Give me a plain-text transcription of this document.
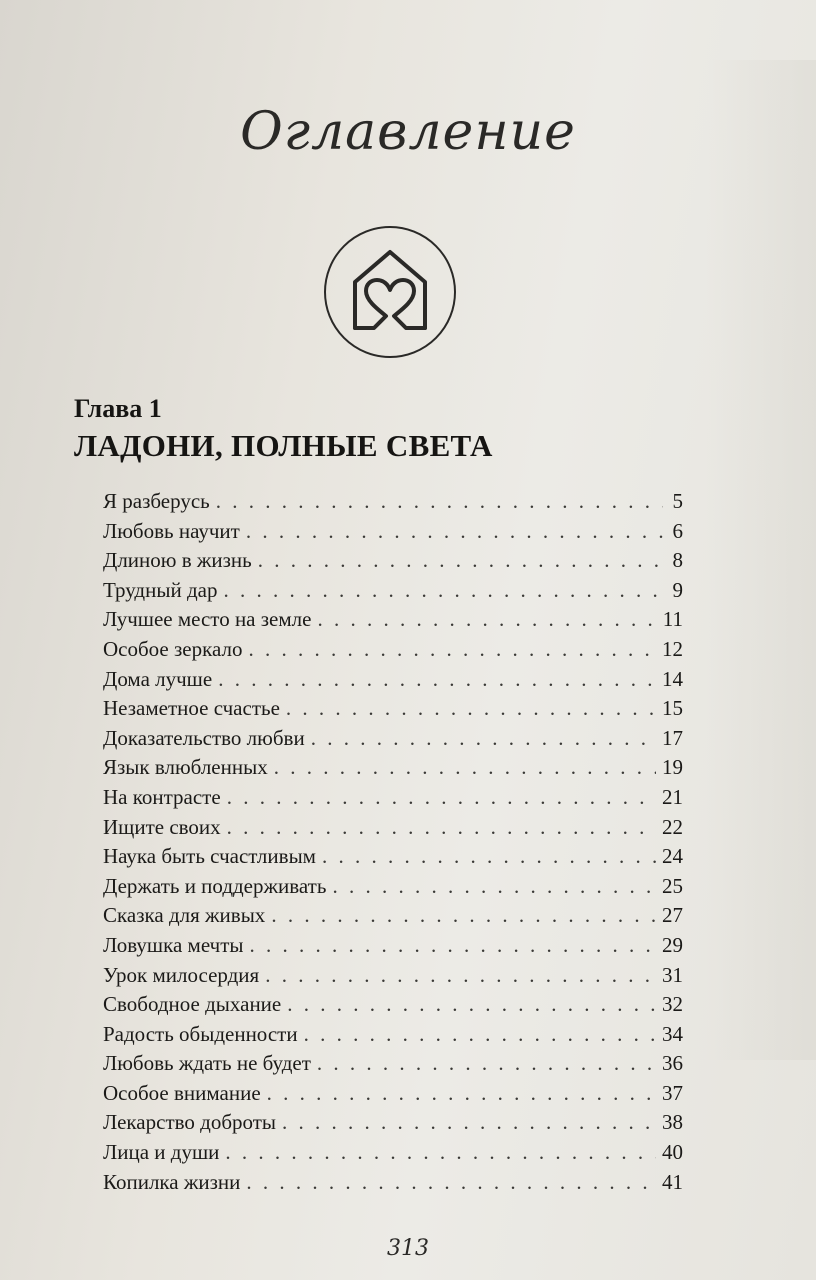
Оглавление
Глава 1
ЛАДОНИ, ПОЛНЫЕ СВЕТА
Я разберусь . . .	5
Любовь научит . . .	6
Длиною в жизнь . . .	8
Трудный дар . . .	9
Лучшее место на земле . . .	11
Особое зеркало . . .	12
Дома лучше . . .	14
Незаметное счастье . . .	15
Доказательство любви . . .	17
Язык влюбленных . . .	19
На контрасте . . .	21
Ищите своих . . .	22
Наука быть счастливым . . .	24
Держать и поддерживать . . .	25
Сказка для живых . . .	27
Ловушка мечты . . .	29
Урок милосердия . . .	31
Свободное дыхание . . .	32
Радость обыденности . . .	34
Любовь ждать не будет . . .	36
Особое внимание . . .	37
Лекарство доброты . . .	38
Лица и души . . .	40
Копилка жизни . . .	41
313
